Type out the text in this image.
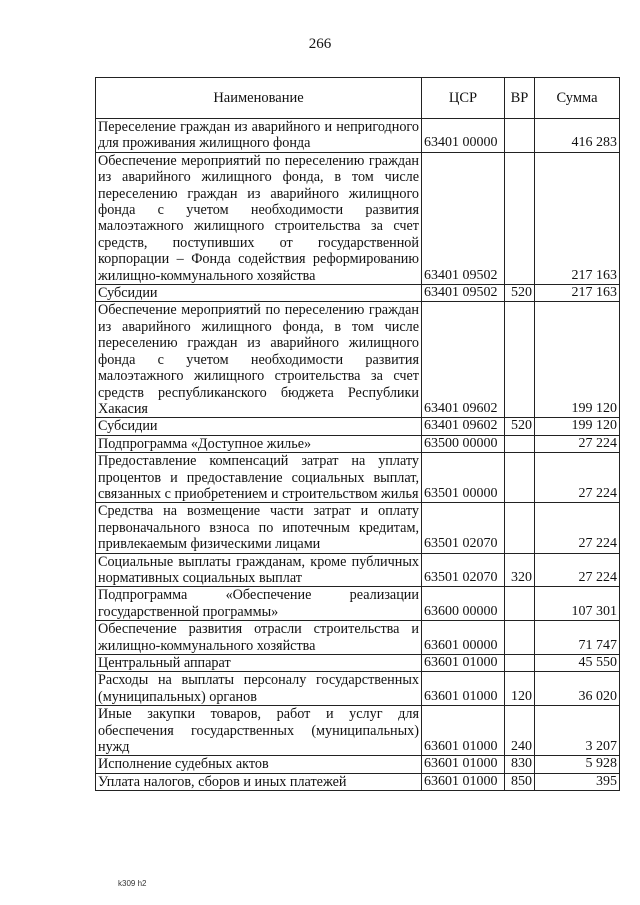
266
Наименование	ЦСР	ВР	Сумма
Переселение граждан из аварийного и непригодного для проживания жилищного фонда	63401 00000		416 283
Обеспечение мероприятий по переселению граждан из аварийного жилищного фонда, в том числе переселению граждан из аварийного жилищного фонда с учетом необходимости развития малоэтажного жилищного строительства за счет средств, поступивших от государственной корпорации – Фонда содействия реформированию жилищно-коммунального хозяйства	63401 09502		217 163
Субсидии	63401 09502	520	217 163
Обеспечение мероприятий по переселению граждан из аварийного жилищного фонда, в том числе переселению граждан из аварийного жилищного фонда с учетом необходимости развития малоэтажного жилищного строительства за счет средств республиканского бюджета Республики Хакасия	63401 09602		199 120
Субсидии	63401 09602	520	199 120
Подпрограмма «Доступное жилье»	63500 00000		27 224
Предоставление компенсаций затрат на уплату процентов и предоставление социальных выплат, связанных с приобретением и строительством жилья	63501 00000		27 224
Средства на возмещение части затрат и оплату первоначального взноса по ипотечным кредитам, привлекаемым физическими лицами	63501 02070		27 224
Социальные выплаты гражданам, кроме публичных нормативных социальных выплат	63501 02070	320	27 224
Подпрограмма «Обеспечение реализации государственной программы»	63600 00000		107 301
Обеспечение развития отрасли строительства и жилищно-коммунального хозяйства	63601 00000		71 747
Центральный аппарат	63601 01000		45 550
Расходы на выплаты персоналу государственных (муниципальных) органов	63601 01000	120	36 020
Иные закупки товаров, работ и услуг для обеспечения государственных (муниципальных) нужд	63601 01000	240	3 207
Исполнение судебных актов	63601 01000	830	5 928
Уплата налогов, сборов и иных платежей	63601 01000	850	395
k309 h2
